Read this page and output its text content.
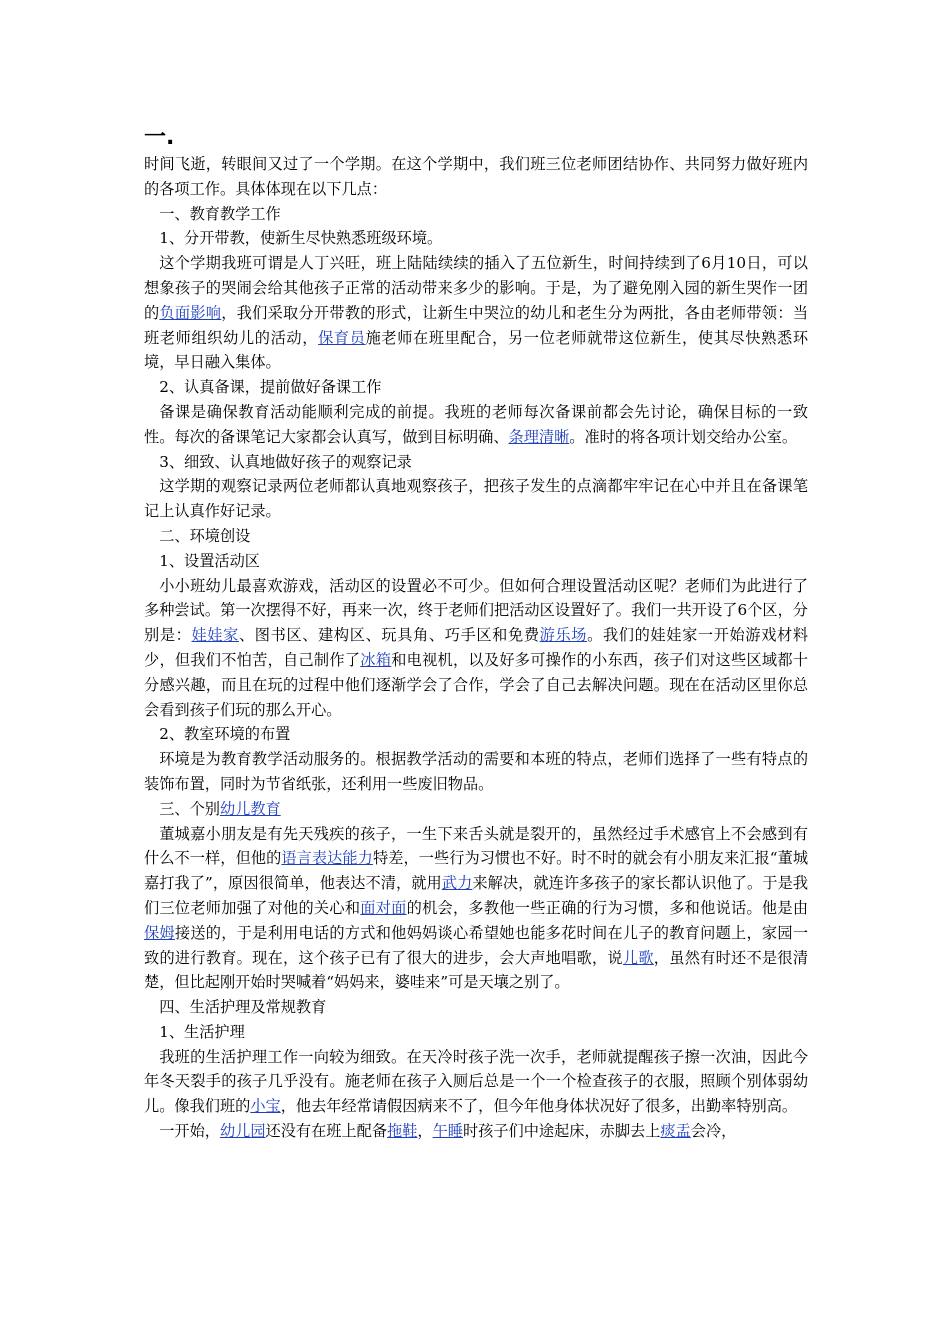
一.

时间飞逝，转眼间又过了一个学期。在这个学期中，我们班三位老师团结协作、共同努力做好班内的各项工作。具体体现在以下几点：

一、教育教学工作

1、分开带教，使新生尽快熟悉班级环境。

这个学期我班可谓是人丁兴旺，班上陆陆续续的插入了五位新生，时间持续到了6月10日，可以想象孩子的哭闹会给其他孩子正常的活动带来多少的影响。于是，为了避免刚入园的新生哭作一团的负面影响，我们采取分开带教的形式，让新生中哭泣的幼儿和老生分为两批，各由老师带领：当班老师组织幼儿的活动，保育员施老师在班里配合，另一位老师就带这位新生，使其尽快熟悉环境，早日融入集体。

2、认真备课，提前做好备课工作

备课是确保教育活动能顺利完成的前提。我班的老师每次备课前都会先讨论，确保目标的一致性。每次的备课笔记大家都会认真写，做到目标明确、条理清晰。准时的将各项计划交给办公室。

3、细致、认真地做好孩子的观察记录

这学期的观察记录两位老师都认真地观察孩子，把孩子发生的点滴都牢牢记在心中并且在备课笔记上认真作好记录。

二、环境创设

1、设置活动区

小小班幼儿最喜欢游戏，活动区的设置必不可少。但如何合理设置活动区呢？老师们为此进行了多种尝试。第一次摆得不好，再来一次，终于老师们把活动区设置好了。我们一共开设了6个区，分别是：娃娃家、图书区、建构区、玩具角、巧手区和免费游乐场。我们的娃娃家一开始游戏材料少，但我们不怕苦，自己制作了冰箱和电视机，以及好多可操作的小东西，孩子们对这些区域都十分感兴趣，而且在玩的过程中他们逐渐学会了合作，学会了自己去解决问题。现在在活动区里你总会看到孩子们玩的那么开心。

2、教室环境的布置

环境是为教育教学活动服务的。根据教学活动的需要和本班的特点，老师们选择了一些有特点的装饰布置，同时为节省纸张，还利用一些废旧物品。

三、个别幼儿教育

董城嘉小朋友是有先天残疾的孩子，一生下来舌头就是裂开的，虽然经过手术感官上不会感到有什么不一样，但他的语言表达能力特差，一些行为习惯也不好。时不时的就会有小朋友来汇报“董城嘉打我了”，原因很简单，他表达不清，就用武力来解决，就连许多孩子的家长都认识他了。于是我们三位老师加强了对他的关心和面对面的机会，多教他一些正确的行为习惯，多和他说话。他是由保姆接送的，于是利用电话的方式和他妈妈谈心希望她也能多花时间在儿子的教育问题上，家园一致的进行教育。现在，这个孩子已有了很大的进步，会大声地唱歌，说儿歌，虽然有时还不是很清楚，但比起刚开始时哭喊着“妈妈来，婆哇来”可是天壤之别了。

四、生活护理及常规教育

1、生活护理

我班的生活护理工作一向较为细致。在天冷时孩子洗一次手，老师就提醒孩子擦一次油，因此今年冬天裂手的孩子几乎没有。施老师在孩子入厕后总是一个一个检查孩子的衣服，照顾个别体弱幼儿。像我们班的小宝，他去年经常请假因病来不了，但今年他身体状况好了很多，出勤率特别高。

一开始，幼儿园还没有在班上配备拖鞋，午睡时孩子们中途起床，赤脚去上痰盂会冷，
